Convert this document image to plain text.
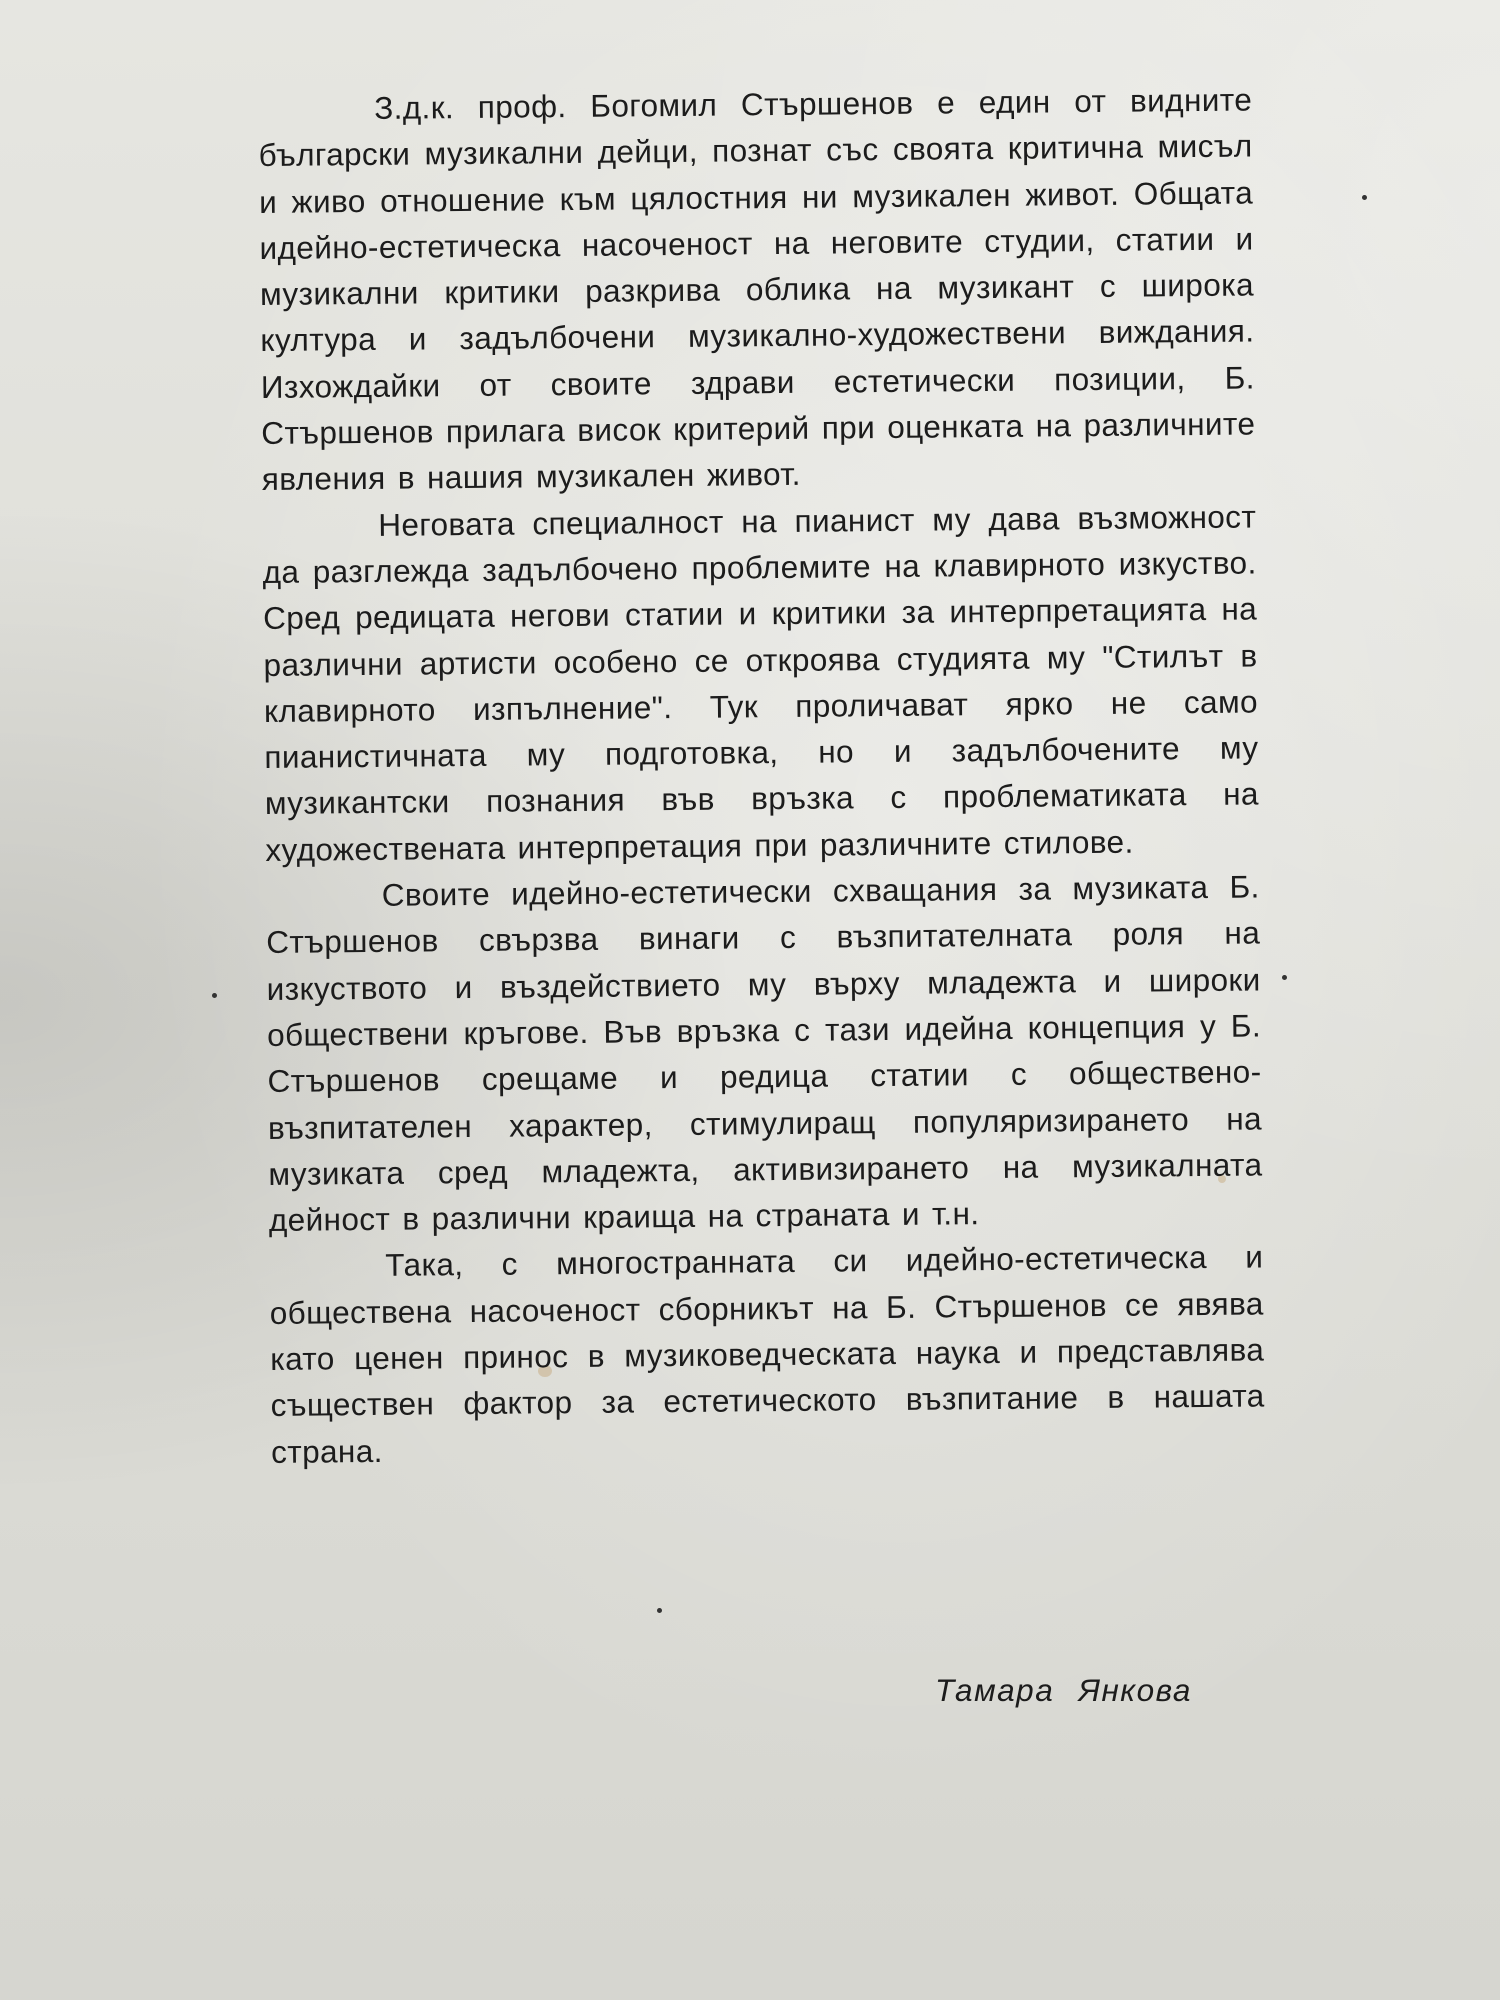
З.д.к. проф. Богомил Стършенов е един от видните български музикални дейци, познат със своята критична мисъл и живо отношение към цялостния ни музикален живот. Общата идейно-естетическа насоченост на неговите студии, статии и музикални критики разкрива облика на музикант с широка култура и задълбочени музикално-художествени виждания. Изхождайки от своите здрави естетически позиции, Б. Стършенов прилага висок критерий при оценката на различните явления в нашия музикален живот.

Неговата специалност на пианист му дава възможност да разглежда задълбочено проблемите на клавирното изкуство. Сред редицата негови статии и критики за интерпретацията на различни артисти особено се откроява студията му "Стилът в клавирното изпълнение". Тук проличават ярко не само пианистичната му подготовка, но и задълбочените му музикантски познания във връзка с проблематиката на художествената интерпретация при различните стилове.

Своите идейно-естетически схващания за музиката Б. Стършенов свързва винаги с възпитателната роля на изкуството и въздействието му върху младежта и широки обществени кръгове. Във връзка с тази идейна концепция у Б. Стършенов срещаме и редица статии с обществено-възпитателен характер, стимулиращ популяризирането на музиката сред младежта, активизирането на музикалната дейност в различни краища на страната и т.н.

Така, с многостранната си идейно-естетическа и обществена насоченост сборникът на Б. Стършенов се явява като ценен принос в музиковедческата наука и представлява съществен фактор за естетическото възпитание в нашата страна.

Тамара Янкова
